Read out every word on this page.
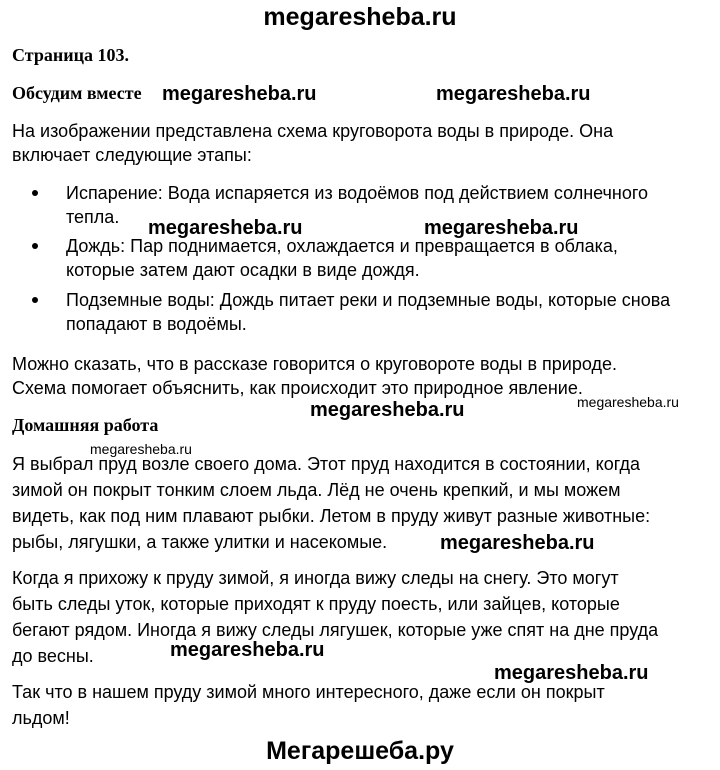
megaresheba.ru
Страница 103.
Обсудим вместе
На изображении представлена схема круговорота воды в природе. Она
включает следующие этапы:
Испарение: Вода испаряется из водоёмов под действием солнечного
тепла.
Дождь: Пар поднимается, охлаждается и превращается в облака,
которые затем дают осадки в виде дождя.
Подземные воды: Дождь питает реки и подземные воды, которые снова
попадают в водоёмы.
Можно сказать, что в рассказе говорится о круговороте воды в природе.
Схема помогает объяснить, как происходит это природное явление.
Домашняя работа
Я выбрал пруд возле своего дома. Этот пруд находится в состоянии, когда
зимой он покрыт тонким слоем льда. Лёд не очень крепкий, и мы можем
видеть, как под ним плавают рыбки. Летом в пруду живут разные животные:
рыбы, лягушки, а также улитки и насекомые.
Когда я прихожу к пруду зимой, я иногда вижу следы на снегу. Это могут
быть следы уток, которые приходят к пруду поесть, или зайцев, которые
бегают рядом. Иногда я вижу следы лягушек, которые уже спят на дне пруда
до весны.
Так что в нашем пруду зимой много интересного, даже если он покрыт
льдом!
megaresheba.ru	megaresheba.ru
megaresheba.ru	megaresheba.ru
megaresheba.ru	megaresheba.ru
megaresheba.ru
megaresheba.ru
megaresheba.ru
megaresheba.ru
Мегарешеба.ру
